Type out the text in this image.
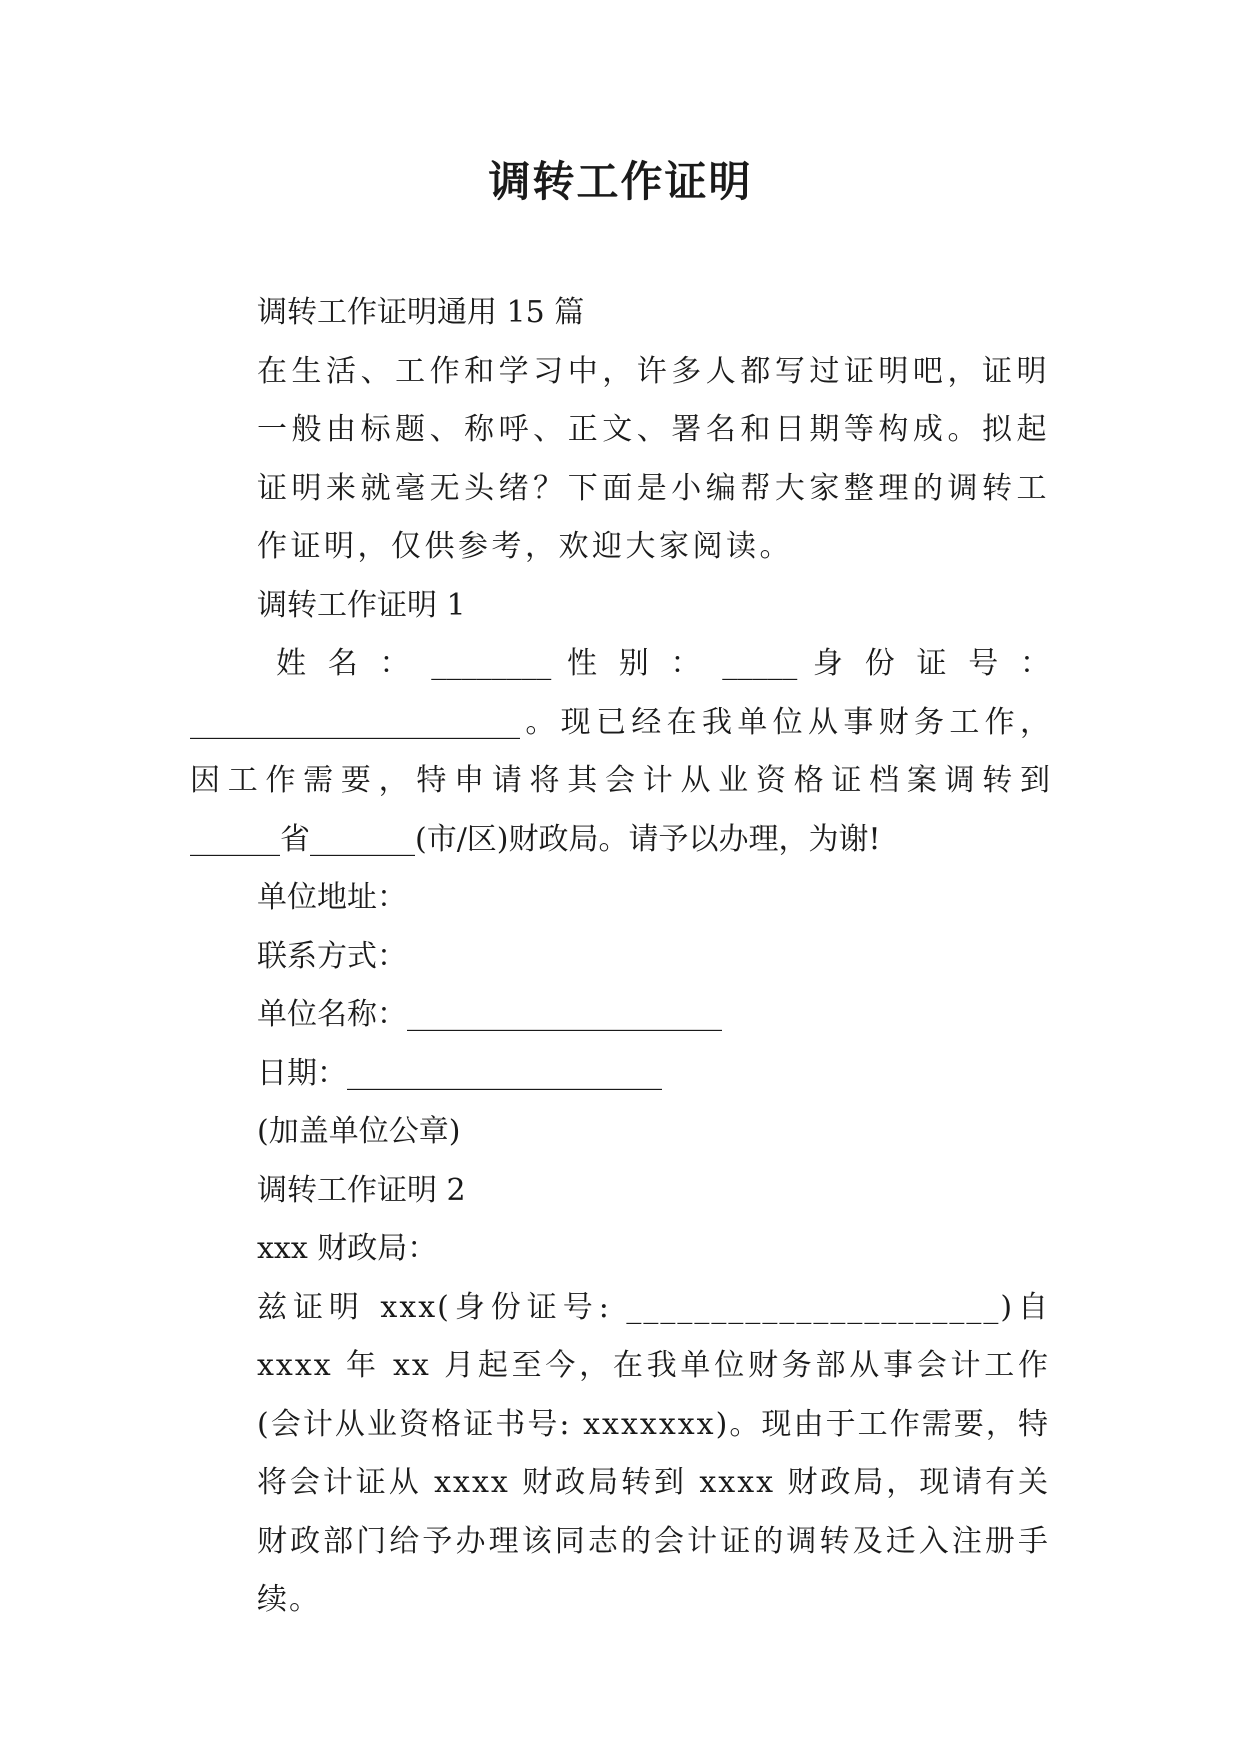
调转工作证明

调转工作证明通用 15 篇

在生活、工作和学习中，许多人都写过证明吧，证明一般由标题、称呼、正文、署名和日期等构成。拟起证明来就毫无头绪？下面是小编帮大家整理的调转工作证明，仅供参考，欢迎大家阅读。

调转工作证明 1

姓 名 ： ________ 性 别 ： _____ 身 份 证 号 ：

______________________。现已经在我单位从事财务工作，

因工作需要，特申请将其会计从业资格证档案调转到

______省_______(市/区)财政局。请予以办理，为谢!

单位地址：

联系方式：

单位名称：_____________________

日期：_____________________

(加盖单位公章)

调转工作证明 2

xxx 财政局：

兹证明 xxx(身份证号: ______________________)自 xxxx 年 xx 月起至今，在我单位财务部从事会计工作(会计从业资格证书号: xxxxxxx)。现由于工作需要，特将会计证从 xxxx 财政局转到 xxxx 财政局，现请有关财政部门给予办理该同志的会计证的调转及迁入注册手续。
